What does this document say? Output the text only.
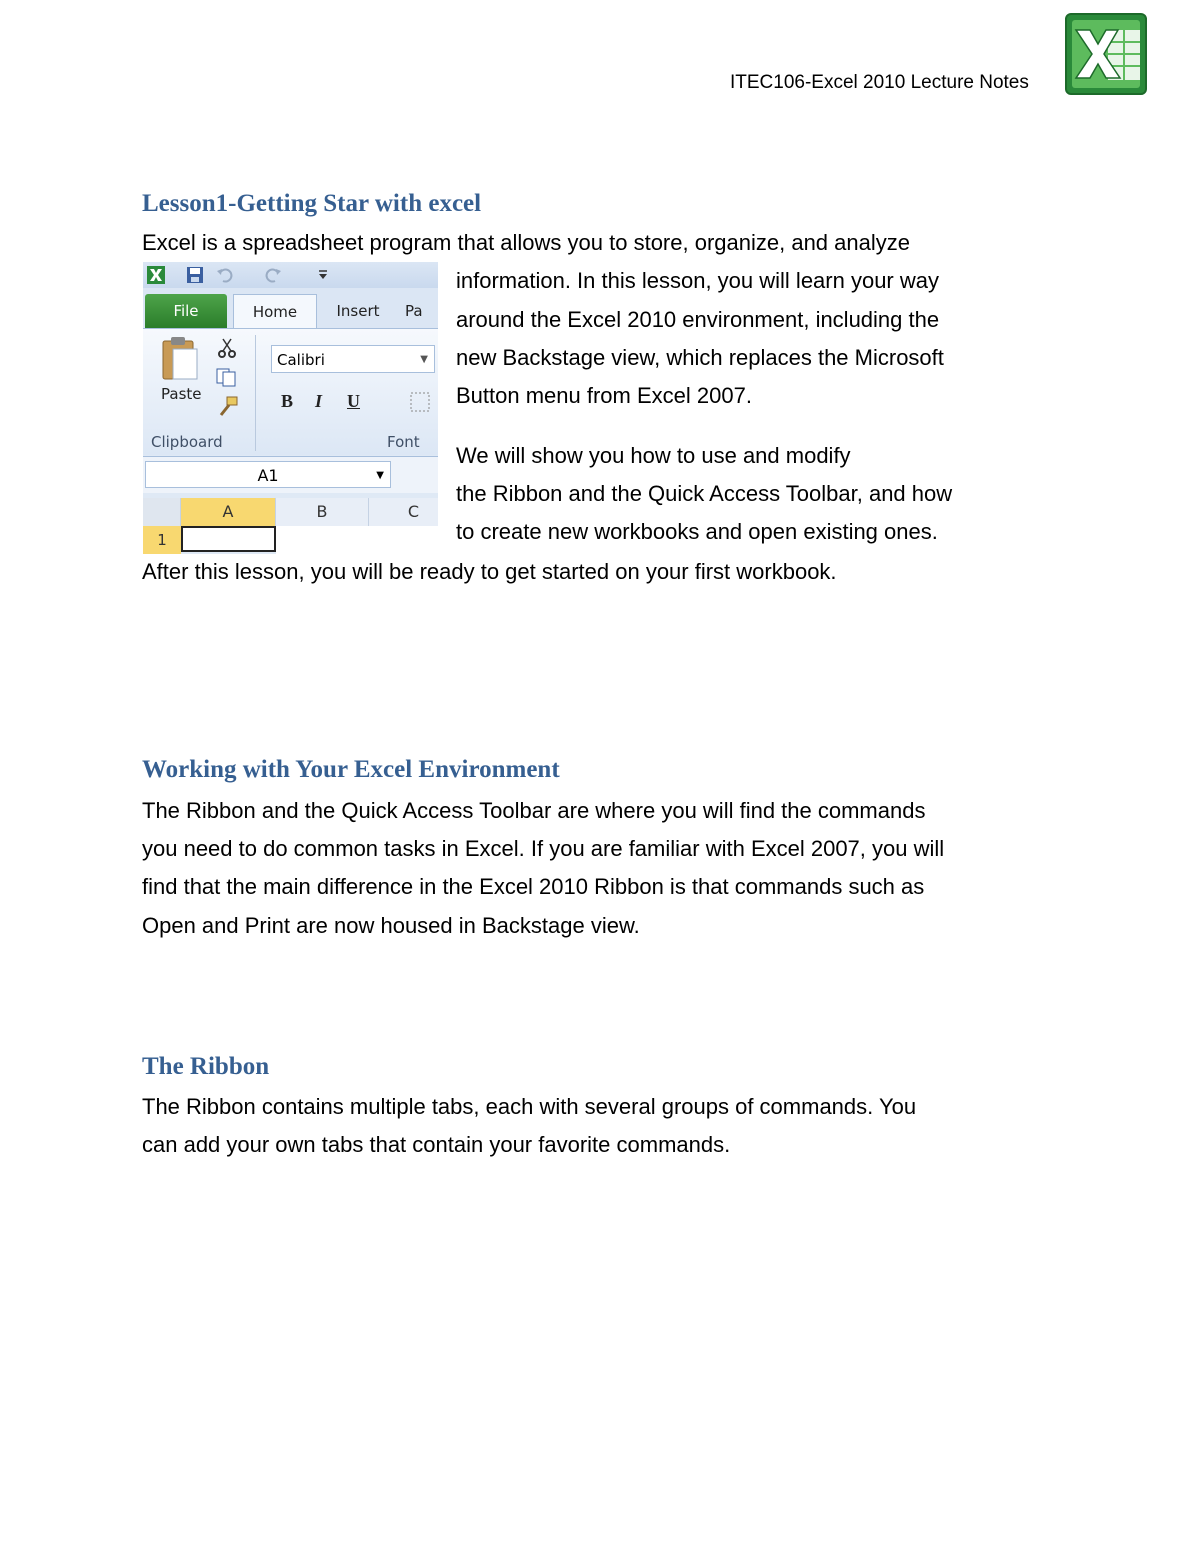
ITEC106-Excel 2010 Lecture Notes
Lesson1-Getting Star with excel

Excel is a spreadsheet program that allows you to store, organize, and analyze

information. In this lesson, you will learn your way

around the Excel 2010 environment, including the

new Backstage view, which replaces the Microsoft

Button menu from Excel 2007.

We will show you how to use and modify

the Ribbon and the Quick Access Toolbar, and how

to create new workbooks and open existing ones.

After this lesson, you will be ready to get started on your first workbook.

File	Home	Insert	Pa
Paste
Calibri	▼
B I U
Clipboard	Font
A1	▼
A	B	C
1
Working with Your Excel Environment

The Ribbon and the Quick Access Toolbar are where you will find the commands

you need to do common tasks in Excel. If you are familiar with Excel 2007, you will

find that the main difference in the Excel 2010 Ribbon is that commands such as

Open and Print are now housed in Backstage view.

The Ribbon

The Ribbon contains multiple tabs, each with several groups of commands. You

can add your own tabs that contain your favorite commands.
